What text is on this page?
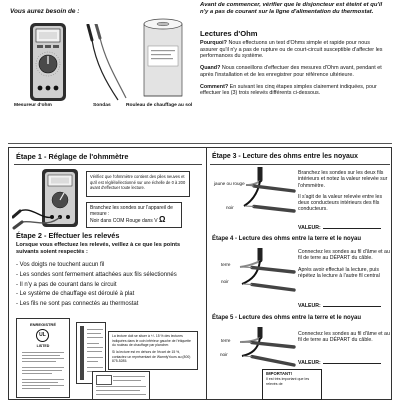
Vous aurez besoin de :
Mesureur d'ohm	Sondas	Rouleau de chauffage au sol

Avant de commencer, vérifier que le disjoncteur est éteint et qu'il n'y a pas de courant sur la ligne d'alimentation du thermostat.

Lectures d'Ohm

Pourquoi? Nous effectuons un test d'Ohms simple et rapide pour nous assurer qu'il n'y a pas de rupture ou de court-circuit susceptible d'affecter les performances du système.

Quand? Nous conseillons d'effectuer des mesures d'Ohm avant, pendant et après l'installation et de les enregistrer pour référence ultérieure.

Comment? En suivant les cinq étapes simples clairement indiquées, pour effectuer les (3) trois relevés différents ci-dessous.

Étape 1 - Réglage de l'ohmmètre
Vérifiez que l'ohmmètre contient des piles neuves et qu'il est réglé/sélectionné sur une échelle de 0 à 200 avant d'effectuer toute lecture.
Branchez les sondes sur l'appareil de mesure :
Noir dans COM Rouge dans V Ω
Étape 2 - Effectuer les relevés

Lorsque vous effectuez les relevés, veillez à ce que les points suivants soient respectés :

- Vos doigts ne touchent aucun fil
- Les sondes sont fermement attachées aux fils sélectionnés
- Il n'y a pas de courant dans le circuit
- Le système de chauffage est déroulé à plat
- Les fils ne sont pas connectés au thermostat
ENREGISTRÉ
UL
LISTED

La lecture doit se situer à +/- 15 % des lectures indiquées dans le coin inférieur gauche de l'étiquette du rouleau de chauffage par plancher.

Si la lecture est en dehors de l'écart de 15 %, contactez un représentant de WarmlyYours au (800) 875-5285.

Étape 3 - Lecture des ohms entre les noyaux
jaune ou rouge
noir

Branchez les sondes sur les deux fils intérieurs et notez la valeur relevée sur l'ohmmètre.

Il s'agit de la valeur relevée entre les deux conducteurs intérieurs des fils conducteurs.

VALEUR:
Étape 4 - Lecture des ohms entre la terre et le noyau
terre
noir

Connectez les sondes au fil d'âme et au fil de terre au DÉPART du câble.

Après avoir effectué la lecture, puis répétez la lecture à l'autre fil central

VALEUR:
Étape 5 - Lecture des ohms entre la terre et le noyau
terre
noir

Connectez les sondes au fil d'âme et au fil de terre au DÉPART du câble.

VALEUR:
IMPORTANT!
Il est très important que les relevés de
